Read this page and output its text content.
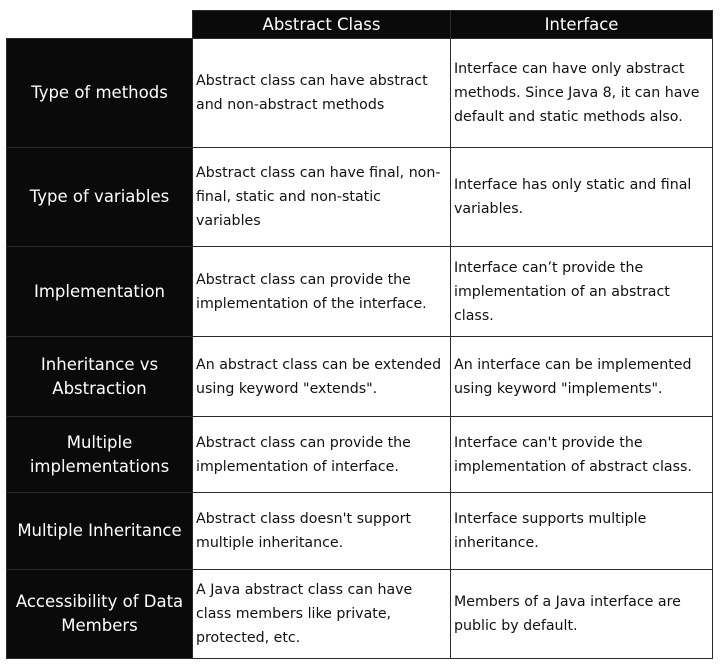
	Abstract Class	Interface

Type of methods	Abstract class can have abstract and non-abstract methods	Interface can have only abstract methods. Since Java 8, it can have default and static methods also.

Type of variables	Abstract class can have final, non-final, static and non-static variables	Interface has only static and final variables.

Implementation	Abstract class can provide the implementation of the interface.	Interface can’t provide the implementation of an abstract class.

Inheritance vs
Abstraction	An abstract class can be extended using keyword "extends".	An interface can be implemented using keyword "implements".

Multiple
implementations	Abstract class can provide the implementation of interface.	Interface can't provide the implementation of abstract class.

Multiple Inheritance	Abstract class doesn't support multiple inheritance.	Interface supports multiple inheritance.

Accessibility of Data
Members	A Java abstract class can have class members like private, protected, etc.	Members of a Java interface are public by default.
